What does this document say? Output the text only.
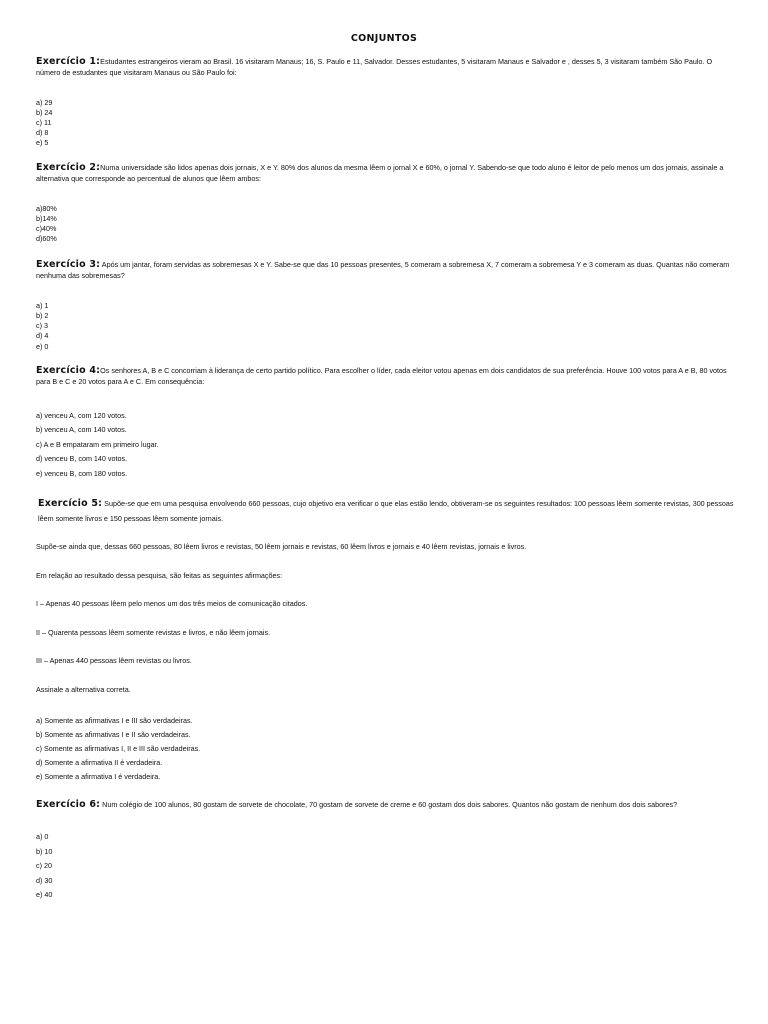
CONJUNTOS
Exercício 1:Estudantes estrangeiros vieram ao Brasil. 16 visitaram Manaus; 16, S. Paulo e 11, Salvador. Desses estudantes, 5 visitaram Manaus e Salvador e , desses 5, 3 visitaram também São Paulo. O número de estudantes que visitaram Manaus ou São Paulo foi:
a) 29
b) 24
c) 11
d) 8
e) 5
Exercício 2:Numa universidade são lidos apenas dois jornais, X e Y. 80% dos alunos da mesma lêem o jornal X e 60%, o jornal Y. Sabendo-se que todo aluno é leitor de pelo menos um dos jornais, assinale a alternativa que corresponde ao percentual de alunos que lêem ambos:
a)80%
b)14%
c)40%
d)60%
Exercício 3: Após um jantar, foram servidas as sobremesas X e Y. Sabe-se que das 10 pessoas presentes, 5 comeram a sobremesa X, 7 comeram a sobremesa Y e 3 comeram as duas. Quantas não comeram nenhuma das sobremesas?
a) 1
b) 2
c) 3
d) 4
e) 0
Exercício 4:Os senhores A, B e C concorriam à liderança de certo partido político. Para escolher o líder, cada eleitor votou apenas em dois candidatos de sua preferência. Houve 100 votos para A e B, 80 votos para B e C e 20 votos para A e C. Em consequência:
a) venceu A, com 120 votos.
b) venceu A, com 140 votos.
c) A e B empataram em primeiro lugar.
d) venceu B, com 140 votos.
e) venceu B, com 180 votos.
Exercício 5: Supõe-se que em uma pesquisa envolvendo 660 pessoas, cujo objetivo era verificar o que elas estão lendo, obtiveram-se os seguintes resultados: 100 pessoas lêem somente revistas, 300 pessoas lêem somente livros e 150 pessoas lêem somente jornais.
Supõe-se ainda que, dessas 660 pessoas, 80 lêem livros e revistas, 50 lêem jornais e revistas, 60 lêem livros e jornais e 40 lêem revistas, jornais e livros.
Em relação ao resultado dessa pesquisa, são feitas as seguintes afirmações:
I – Apenas 40 pessoas lêem pelo menos um dos três meios de comunicação citados.
II – Quarenta pessoas lêem somente revistas e livros, e não lêem jornais.
III – Apenas 440 pessoas lêem revistas ou livros.
Assinale a alternativa correta.
a) Somente as afirmativas I e III são verdadeiras.
b) Somente as afirmativas I e II são verdadeiras.
c) Somente as afirmativas I, II e III são verdadeiras.
d) Somente a afirmativa II é verdadeira.
e) Somente a afirmativa I é verdadeira.
Exercício 6: Num colégio de 100 alunos, 80 gostam de sorvete de chocolate, 70 gostam de sorvete de creme e 60 gostam dos dois sabores. Quantos não gostam de nenhum dos dois sabores?
a) 0
b) 10
c) 20
d) 30
e) 40
